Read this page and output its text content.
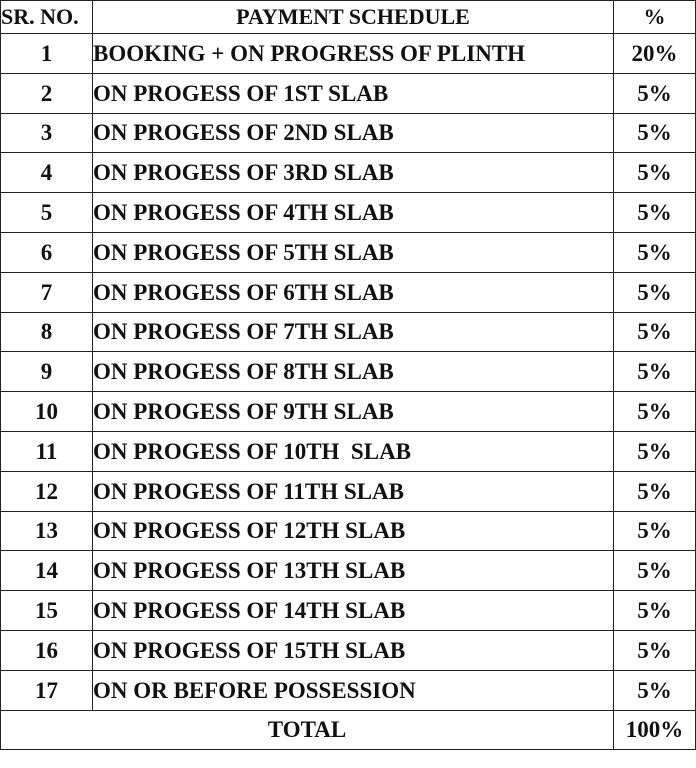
SR. NO.	PAYMENT SCHEDULE	%
1	BOOKING + ON PROGRESS OF PLINTH	20%
2	ON PROGESS OF 1ST SLAB	5%
3	ON PROGESS OF 2ND SLAB	5%
4	ON PROGESS OF 3RD SLAB	5%
5	ON PROGESS OF 4TH SLAB	5%
6	ON PROGESS OF 5TH SLAB	5%
7	ON PROGESS OF 6TH SLAB	5%
8	ON PROGESS OF 7TH SLAB	5%
9	ON PROGESS OF 8TH SLAB	5%
10	ON PROGESS OF 9TH SLAB	5%
11	ON PROGESS OF 10TH  SLAB	5%
12	ON PROGESS OF 11TH SLAB	5%
13	ON PROGESS OF 12TH SLAB	5%
14	ON PROGESS OF 13TH SLAB	5%
15	ON PROGESS OF 14TH SLAB	5%
16	ON PROGESS OF 15TH SLAB	5%
17	ON OR BEFORE POSSESSION	5%
TOTAL		100%
